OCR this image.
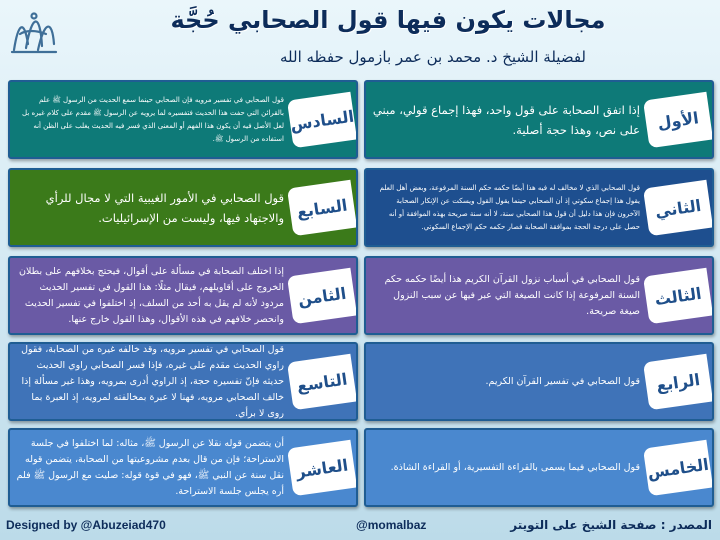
مجالات يكون فيها قول الصحابي حُجَّة
لفضيلة الشيخ د. محمد بن عمر بازمول حفظه الله
الأول
إذا اتفق الصحابة على قول واحد، فهذا إجماع قولي، مبني على نص، وهذا حجة أصلية.
الثاني
قول الصحابي الذي لا مخالف له فيه هذا أيضًا حكمه حكم السنة المرفوعة، وبعض أهل العلم يقول هذا إجماع سكوتي إذ أن الصحابي حينما يقول القول ويسكت عن الإنكار الصحابة الآخرون فإن هذا دليل أن قول هذا الصحابي سنة، لا أنه سنة صريحة بهذه الموافقة أو أنه حصل على درجة الحجة بموافقة الصحابة فصار حكمه حكم الإجماع السكوتي.
الثالث
قول الصحابي في أسباب نزول القرآن الكريم هذا أيضًا حكمه حكم السنة المرفوعة إذا كانت الصيغة التي عبر فيها عن سبب النزول صيغة صريحة.
الرابع
قول الصحابي في تفسير القرآن الكريم.
الخامس
قول الصحابي فيما يسمى بالقراءة التفسيرية، أو القراءة الشاذة.
السادس
قول الصحابي في تفسير مرويه فإن الصحابي حينما سمع الحديث من الرسول ﷺ علم بالقرائن التي حفت هذا الحديث فتفسيره لما يرويه عن الرسول ﷺ مقدم على كلام غيره بل لعل الأصل فيه أن يكون هذا الفهم أو المعنى الذي فسر فيه الحديث يغلب على الظن أنه استفاده من الرسول ﷺ.
السابع
قول الصحابي في الأمور الغيبية التي لا مجال للرأي والاجتهاد فيها، وليست من الإسرائيليات.
الثامن
إذا اختلف الصحابة في مسألة على أقوال، فيحتج بخلافهم على بطلان الخروج على أقاويلهم، فيقال مثلًا: هذا القول في تفسير الحديث مردود لأنه لم يقل به أحد من السلف، إذ اختلفوا في تفسير الحديث وانحصر خلافهم في هذه الأقوال، وهذا القول خارج عنها.
التاسع
قول الصحابي في تفسير مرويه، وقد خالفه غيره من الصحابة، فقول راوي الحديث مقدم على غيره، فإذا فسر الصحابي راوي الحديث حديثه فإنّ تفسيره حجة، إذ الراوي أدرى بمرويه، وهذا غير مسألة إذا خالف الصحابي مرويه، فهنا لا عبرة بمخالفته لمرويه، إذ العبرة بما روى لا برأي.
العاشر
أن يتضمن قوله نقلا عن الرسول ﷺ، مثاله: لما اختلفوا في جلسة الاستراحة؛ فإن من قال بعدم مشروعيتها من الصحابة، يتضمن قوله نقل سنة عن النبي ﷺ، فهو في قوة قوله: صليت مع الرسول ﷺ فلم أره يجلس جلسة الاستراحة.
Designed by @Abuzeiad470	@momalbaz	المصدر : صفحة الشيخ على التويتر
